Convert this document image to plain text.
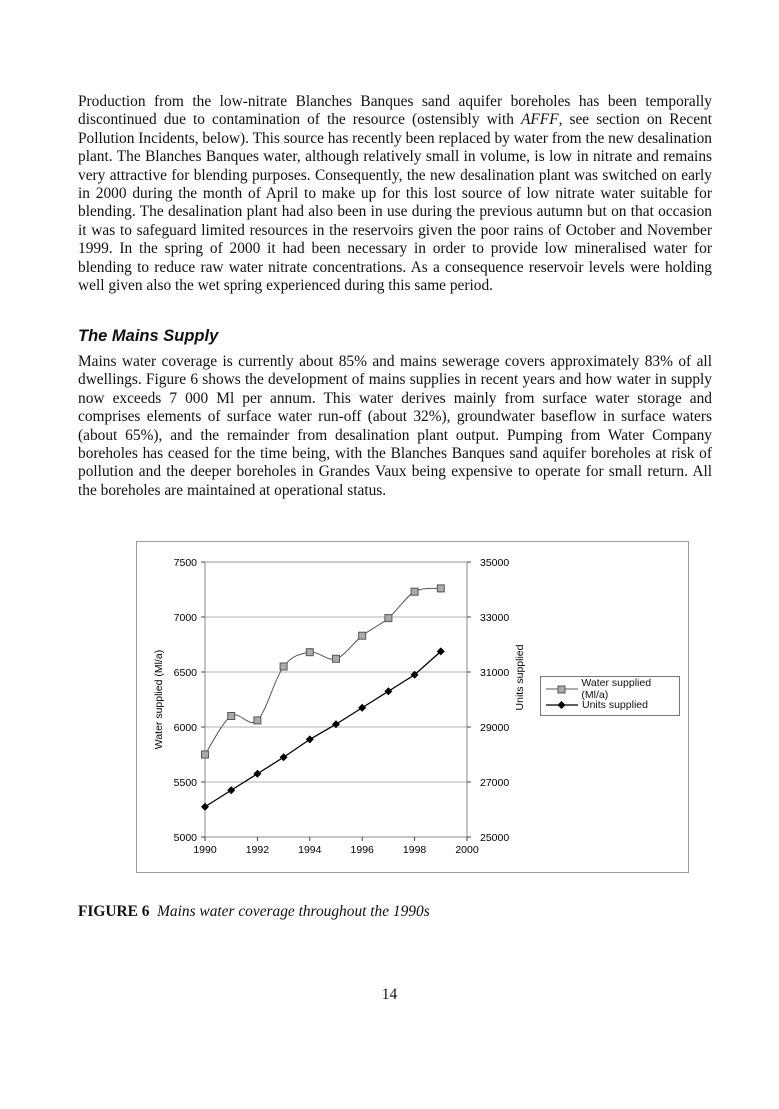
Production from the low-nitrate Blanches Banques sand aquifer boreholes has been temporally discontinued due to contamination of the resource (ostensibly with AFFF, see section on Recent Pollution Incidents, below). This source has recently been replaced by water from the new desalination plant. The Blanches Banques water, although relatively small in volume, is low in nitrate and remains very attractive for blending purposes. Consequently, the new desalination plant was switched on early in 2000 during the month of April to make up for this lost source of low nitrate water suitable for blending. The desalination plant had also been in use during the previous autumn but on that occasion it was to safeguard limited resources in the reservoirs given the poor rains of October and November 1999. In the spring of 2000 it had been necessary in order to provide low mineralised water for blending to reduce raw water nitrate concentrations. As a consequence reservoir levels were holding well given also the wet spring experienced during this same period.

The Mains Supply

Mains water coverage is currently about 85% and mains sewerage covers approximately 83% of all dwellings. Figure 6 shows the development of mains supplies in recent years and how water in supply now exceeds 7 000 Ml per annum. This water derives mainly from surface water storage and comprises elements of surface water run-off (about 32%), groundwater baseflow in surface waters (about 65%), and the remainder from desalination plant output. Pumping from Water Company boreholes has ceased for the time being, with the Blanches Banques sand aquifer boreholes at risk of pollution and the deeper boreholes in Grandes Vaux being expensive to operate for small return. All the boreholes are maintained at operational status.

5000
5500
6000
6500
7000
7500
25000
27000
29000
31000
33000
35000
1990	1992	1994	1996	1998	2000
Water supplied (Ml/a)	Units supplied	Water supplied (Ml/a)
Units supplied

FIGURE 6 Mains water coverage throughout the 1990s

14
